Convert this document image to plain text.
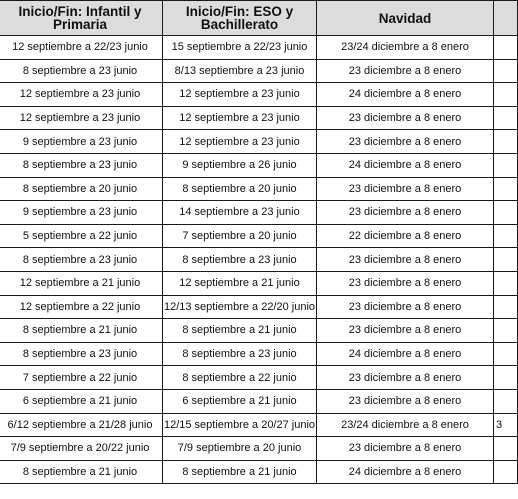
Inicio/Fin: Infantil y Primaria	Inicio/Fin: ESO y Bachillerato	Navidad	
12 septiembre a 22/23 junio	15 septiembre a 22/23 junio	23/24 diciembre a 8 enero	
8 septiembre a 23 junio	8/13 septiembre a 23 junio	23 diciembre a 8 enero	
12 septiembre a 23 junio	12 septiembre a 23 junio	24 diciembre a 8 enero	
12 septiembre a 23 junio	12 septiembre a 23 junio	23 diciembre a 8 enero	
9 septiembre a 23 junio	12 septiembre a 23 junio	23 diciembre a 8 enero	
8 septiembre a 23 junio	9 septiembre a 26 junio	24 diciembre a 8 enero	
8 septiembre a 20 junio	8 septiembre a 20 junio	23 diciembre a 8 enero	
9 septiembre a 23 junio	14 septiembre a 23 junio	23 diciembre a 8 enero	
5 septiembre a 22 junio	7 septiembre a 20 junio	22 diciembre a 8 enero	
8 septiembre a 23 junio	8 septiembre a 23 junio	23 diciembre a 8 enero	
12 septiembre a 21 junio	12 septiembre a 21 junio	23 diciembre a 8 enero	
12 septiembre a 22 junio	12/13 septiembre a 22/20 junio	23 diciembre a 8 enero	
8 septiembre a 21 junio	8 septiembre a 21 junio	23 diciembre a 8 enero	
8 septiembre a 23 junio	8 septiembre a 23 junio	24 diciembre a 8 enero	
7 septiembre a 22 junio	8 septiembre a 22 junio	23 diciembre a 8 enero	
6 septiembre a 21 junio	6 septiembre a 21 junio	23 diciembre a 8 enero	
6/12 septiembre a 21/28 junio	12/15 septiembre a 20/27 junio	23/24 diciembre a 8 enero	3
7/9 septiembre a 20/22 junio	7/9 septiembre a 20 junio	23 diciembre a 8 enero	
8 septiembre a 21 junio	8 septiembre a 21 junio	24 diciembre a 8 enero	
